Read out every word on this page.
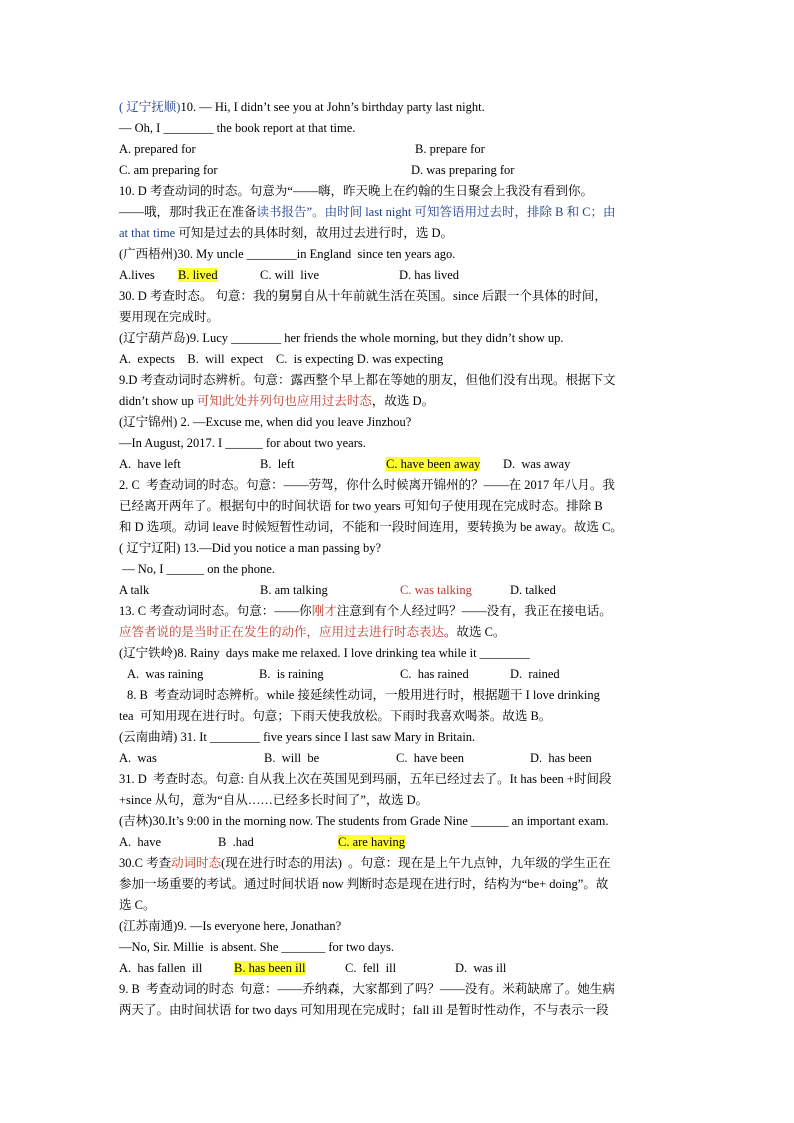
( 辽宁抚顺)10. — Hi, I didn’t see you at John’s birthday party last night.
— Oh, I ________ the book report at that time.
A. prepared for	B. prepare for
C. am preparing for	D. was preparing for
10. D 考查动词的时态。句意为“——嗨，昨天晚上在约翰的生日聚会上我没有看到你。
——哦，那时我正在准备读书报告”。由时间 last night 可知答语用过去时，排除 B 和 C；由
at that time 可知是过去的具体时刻，故用过去进行时，选 D。
(广西梧州)30. My uncle ________in England  since ten years ago.
A.lives B. lived	C. will  live	D. has lived
30. D 考查时态。 句意：我的舅舅自从十年前就生活在英国。since 后跟一个具体的时间，
要用现在完成时。
(辽宁葫芦岛)9. Lucy ________ her friends the whole morning, but they didn’t show up.
A.  expects    B.  will  expect    C.  is expecting D. was expecting
9.D 考查动词时态辨析。句意：露西整个早上都在等她的朋友，但他们没有出现。根据下文
didn’t show up 可知此处并列句也应用过去时态，故选 D。
(辽宁锦州) 2. —Excuse me, when did you leave Jinzhou?
—In August, 2017. I ______ for about two years.
A.  have left	B.  left	C. have been away D.  was away
2. C  考查动词的时态。句意：——劳驾，你什么时候离开锦州的？——在 2017 年八月。我
已经离开两年了。根据句中的时间状语 for two years 可知句子使用现在完成时态。排除 B
和 D 选项。动词 leave 时候短暂性动词，不能和一段时间连用，要转换为 be away。故选 C。
( 辽宁辽阳) 13.—Did you notice a man passing by?
— No, I ______ on the phone.
A talk	B. am talking	C. was talking	D. talked
13. C 考查动词时态。句意：——你刚才注意到有个人经过吗？——没有，我正在接电话。
应答者说的是当时正在发生的动作，应用过去进行时态表达。故选 C。
(辽宁铁岭)8. Rainy  days make me relaxed. I love drinking tea while it ________
A.  was raining	B.  is raining	C.  has rained	D.  rained
8. B  考查动词时态辨析。while 接延续性动词，一般用进行时，根据题干 I love drinking
tea  可知用现在进行时。句意；下雨天使我放松。下雨时我喜欢喝茶。故选 B。
(云南曲靖) 31. It ________ five years since I last saw Mary in Britain.
A.  was	B.  will  be	C.  have been	D.  has been
31. D  考查时态。句意: 自从我上次在英国见到玛丽，五年已经过去了。It has been +时间段
+since 从句，意为“自从……已经多长时间了”，故选 D。
(吉林)30.It’s 9:00 in the morning now. The students from Grade Nine ______ an important exam.
A.  have	B  .had	C. are having
30.C 考查动词时态(现在进行时态的用法)  。句意：现在是上午九点钟，九年级的学生正在
参加一场重要的考试。通过时间状语 now 判断时态是现在进行时，结构为“be+ doing”。故
选 C。
(江苏南通)9. —Is everyone here, Jonathan?
—No, Sir. Millie  is absent. She _______ for two days.
A.  has fallen  ill	B. has been ill	C.  fell  ill	D.  was ill
9. B  考查动词的时态  句意：——乔纳森，大家都到了吗？——没有。米莉缺席了。她生病
两天了。由时间状语 for two days 可知用现在完成时；fall ill 是暂时性动作，不与表示一段
